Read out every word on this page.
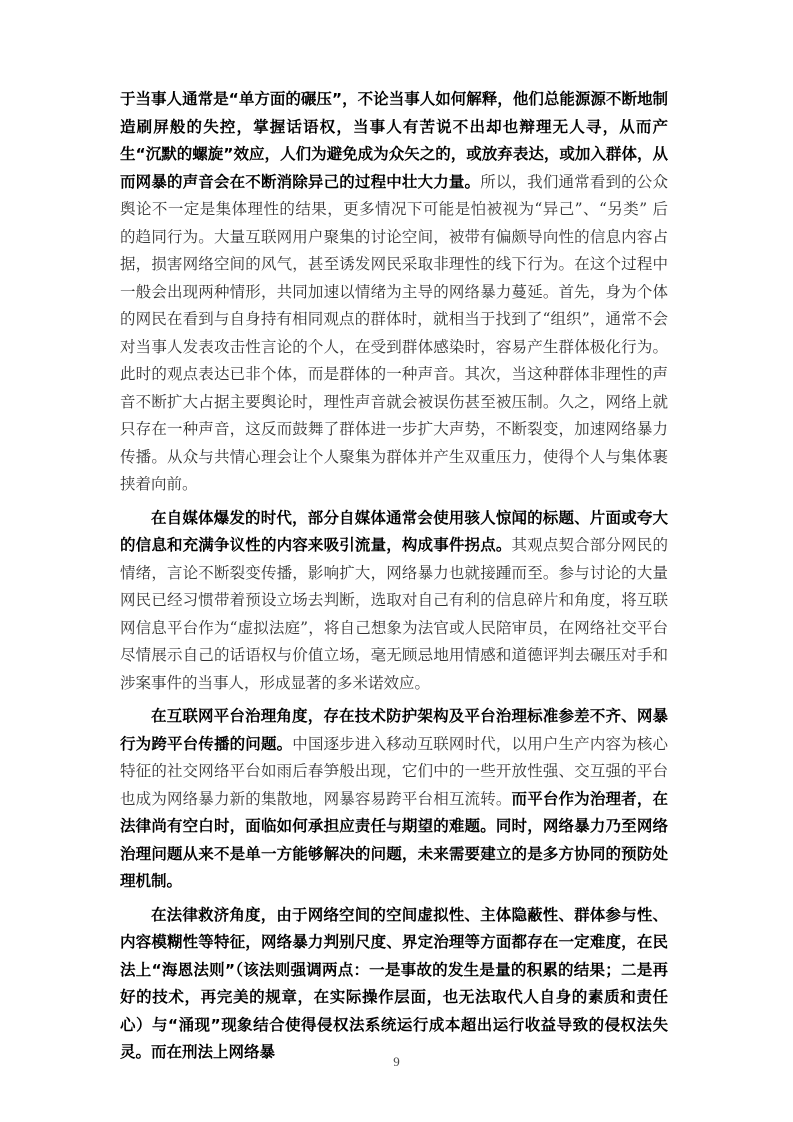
于当事人通常是“单方面的碾压”，不论当事人如何解释，他们总能源源不断地制造刷屏般的失控，掌握话语权，当事人有苦说不出却也辩理无人寻，从而产生“沉默的螺旋”效应，人们为避免成为众矢之的，或放弃表达，或加入群体，从而网暴的声音会在不断消除异己的过程中壮大力量。所以，我们通常看到的公众舆论不一定是集体理性的结果，更多情况下可能是怕被视为“异己”、“另类” 后的趋同行为。大量互联网用户聚集的讨论空间，被带有偏颇导向性的信息内容占据，损害网络空间的风气，甚至诱发网民采取非理性的线下行为。在这个过程中一般会出现两种情形，共同加速以情绪为主导的网络暴力蔓延。首先，身为个体的网民在看到与自身持有相同观点的群体时，就相当于找到了“组织”，通常不会对当事人发表攻击性言论的个人，在受到群体感染时，容易产生群体极化行为。此时的观点表达已非个体，而是群体的一种声音。其次，当这种群体非理性的声音不断扩大占据主要舆论时，理性声音就会被误伤甚至被压制。久之，网络上就只存在一种声音，这反而鼓舞了群体进一步扩大声势，不断裂变，加速网络暴力传播。从众与共情心理会让个人聚集为群体并产生双重压力，使得个人与集体裹挟着向前。

在自媒体爆发的时代，部分自媒体通常会使用骇人惊闻的标题、片面或夸大的信息和充满争议性的内容来吸引流量，构成事件拐点。其观点契合部分网民的情绪，言论不断裂变传播，影响扩大，网络暴力也就接踵而至。参与讨论的大量网民已经习惯带着预设立场去判断，选取对自己有利的信息碎片和角度，将互联网信息平台作为“虚拟法庭”，将自己想象为法官或人民陪审员，在网络社交平台尽情展示自己的话语权与价值立场，毫无顾忌地用情感和道德评判去碾压对手和涉案事件的当事人，形成显著的多米诺效应。

在互联网平台治理角度，存在技术防护架构及平台治理标准参差不齐、网暴行为跨平台传播的问题。中国逐步进入移动互联网时代，以用户生产内容为核心特征的社交网络平台如雨后春笋般出现，它们中的一些开放性强、交互强的平台也成为网络暴力新的集散地，网暴容易跨平台相互流转。而平台作为治理者，在法律尚有空白时，面临如何承担应责任与期望的难题。同时，网络暴力乃至网络治理问题从来不是单一方能够解决的问题，未来需要建立的是多方协同的预防处理机制。

在法律救济角度，由于网络空间的空间虚拟性、主体隐蔽性、群体参与性、内容模糊性等特征，网络暴力判别尺度、界定治理等方面都存在一定难度，在民法上“海恩法则”（该法则强调两点：一是事故的发生是量的积累的结果；二是再好的技术，再完美的规章，在实际操作层面，也无法取代人自身的素质和责任心）与“涌现”现象结合使得侵权法系统运行成本超出运行收益导致的侵权法失灵。而在刑法上网络暴

9
